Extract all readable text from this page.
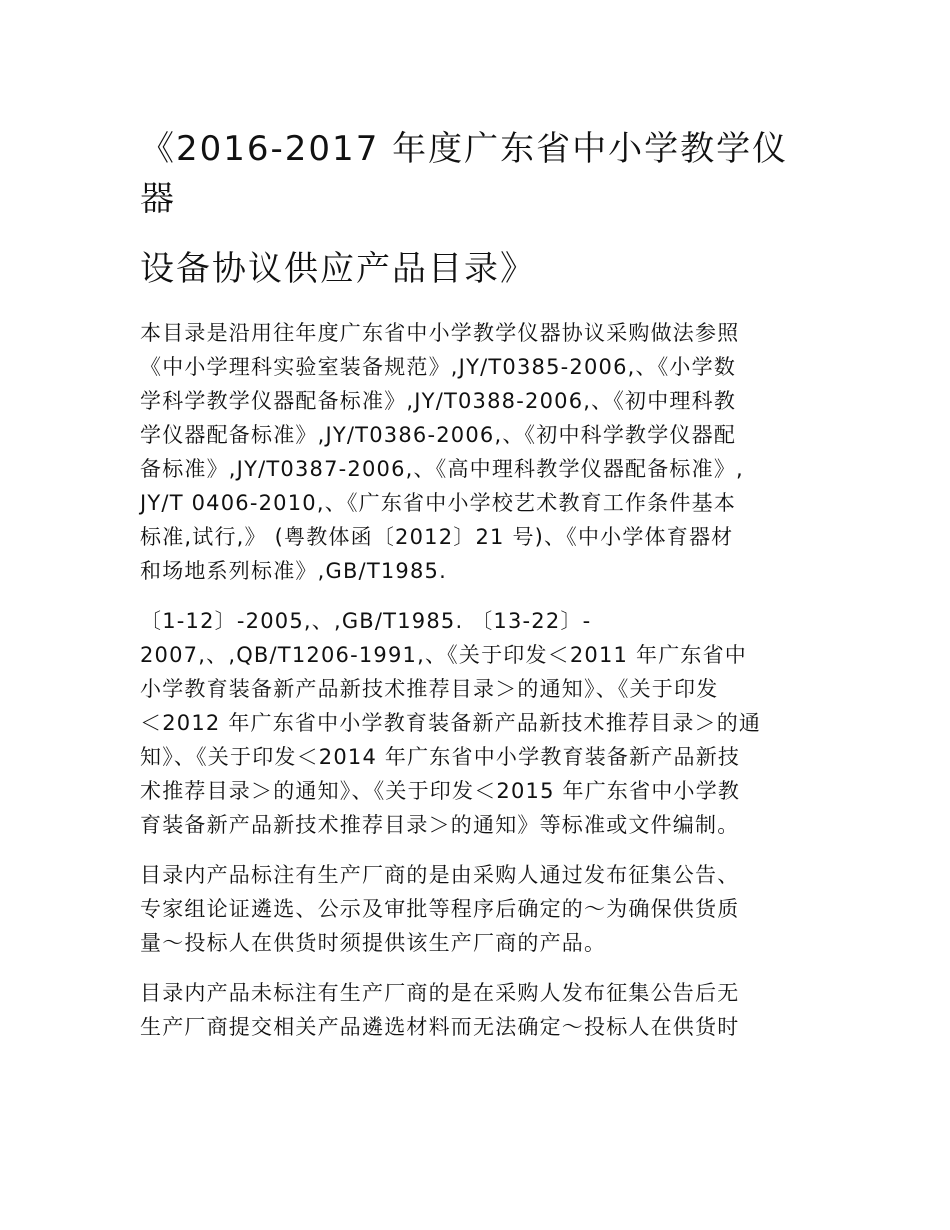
《2016-2017 年度广东省中小学教学仪
器
设备协议供应产品目录》

本目录是沿用往年度广东省中小学教学仪器协议采购做法参照
《中小学理科实验室装备规范》,JY/T0385-2006,、《小学数
学科学教学仪器配备标准》,JY/T0388-2006,、《初中理科教
学仪器配备标准》,JY/T0386-2006,、《初中科学教学仪器配
备标准》,JY/T0387-2006,、《高中理科教学仪器配备标准》,
JY/T 0406-2010,、《广东省中小学校艺术教育工作条件基本
标准,试行,》 (粤教体函〔2012〕21 号)、《中小学体育器材
和场地系列标准》,GB/T1985.

〔1-12〕-2005,、,GB/T1985. 〔13-22〕-
2007,、,QB/T1206-1991,、《关于印发＜2011 年广东省中
小学教育装备新产品新技术推荐目录＞的通知》、《关于印发
＜2012 年广东省中小学教育装备新产品新技术推荐目录＞的通
知》、《关于印发＜2014 年广东省中小学教育装备新产品新技
术推荐目录＞的通知》、《关于印发＜2015 年广东省中小学教
育装备新产品新技术推荐目录＞的通知》等标准或文件编制。

目录内产品标注有生产厂商的是由采购人通过发布征集公告、
专家组论证遴选、公示及审批等程序后确定的～为确保供货质
量～投标人在供货时须提供该生产厂商的产品。

目录内产品未标注有生产厂商的是在采购人发布征集公告后无
生产厂商提交相关产品遴选材料而无法确定～投标人在供货时
